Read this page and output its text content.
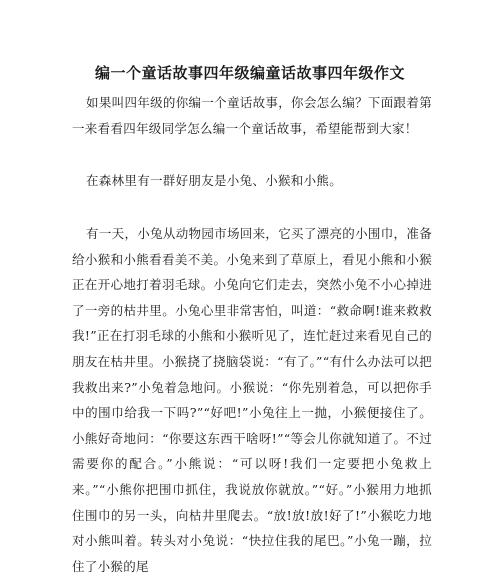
编一个童话故事四年级编童话故事四年级作文

如果叫四年级的你编一个童话故事，你会怎么编？下面跟着第一来看看四年级同学怎么编一个童话故事，希望能帮到大家！

在森林里有一群好朋友是小兔、小猴和小熊。

有一天，小兔从动物园市场回来，它买了漂亮的小围巾，准备给小猴和小熊看看美不美。小兔来到了草原上，看见小熊和小猴正在开心地打着羽毛球。小兔向它们走去，突然小兔不小心掉进了一旁的枯井里。小兔心里非常害怕，叫道：“救命啊!谁来救救我!”正在打羽毛球的小熊和小猴听见了，连忙赶过来看见自己的朋友在枯井里。小猴挠了挠脑袋说：“有了。”“有什么办法可以把我救出来?”小兔着急地问。小猴说：“你先别着急，可以把你手中的围巾给我一下吗?”“好吧!”小兔往上一抛，小猴便接住了。小熊好奇地问：“你要这东西干啥呀!”“等会儿你就知道了。不过需要你的配合。”小熊说：“可以呀!我们一定要把小兔救上来。”“小熊你把围巾抓住，我说放你就放。”“好。”小猴用力地抓住围巾的另一头，向枯井里爬去。“放!放!放!好了!”小猴吃力地对小熊叫着。转头对小兔说：“快拉住我的尾巴。”小兔一蹦，拉住了小猴的尾
